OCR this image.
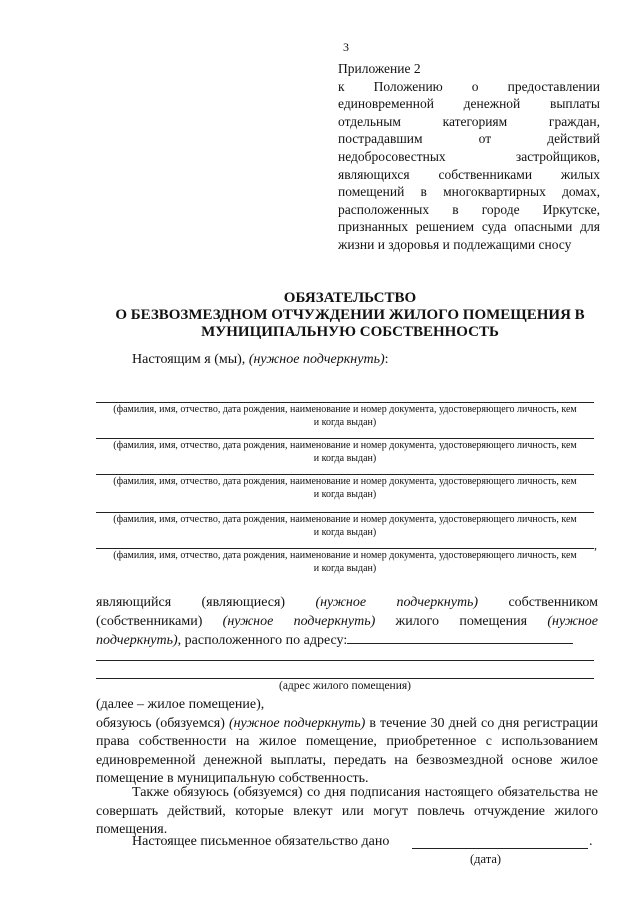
3
Приложение 2
к Положению о предоставлении единовременной денежной выплаты отдельным категориям граждан, пострадавшим от действий недобросовестных застройщиков, являющихся собственниками жилых помещений в многоквартирных домах, расположенных в городе Иркутске, признанных решением суда опасными для жизни и здоровья и подлежащими сносу
ОБЯЗАТЕЛЬСТВО
О БЕЗВОЗМЕЗДНОМ ОТЧУЖДЕНИИ ЖИЛОГО ПОМЕЩЕНИЯ В
МУНИЦИПАЛЬНУЮ СОБСТВЕННОСТЬ
Настоящим я (мы), (нужное подчеркнуть):
(фамилия, имя, отчество, дата рождения, наименование и номер документа, удостоверяющего личность, кем
и когда выдан)
(фамилия, имя, отчество, дата рождения, наименование и номер документа, удостоверяющего личность, кем
и когда выдан)
(фамилия, имя, отчество, дата рождения, наименование и номер документа, удостоверяющего личность, кем
и когда выдан)
(фамилия, имя, отчество, дата рождения, наименование и номер документа, удостоверяющего личность, кем
и когда выдан)
,
(фамилия, имя, отчество, дата рождения, наименование и номер документа, удостоверяющего личность, кем
и когда выдан)
являющийся (являющиеся) (нужное подчеркнуть) собственником (собственниками) (нужное подчеркнуть) жилого помещения (нужное подчеркнуть), расположенного по адресу:
(адрес жилого помещения)
(далее – жилое помещение),
обязуюсь (обязуемся) (нужное подчеркнуть) в течение 30 дней со дня регистрации права собственности на жилое помещение, приобретенное с использованием единовременной денежной выплаты, передать на безвозмездной основе жилое помещение в муниципальную собственность.
Также обязуюсь (обязуемся) со дня подписания настоящего обязательства не совершать действий, которые влекут или могут повлечь отчуждение жилого помещения.
Настоящее письменное обязательство дано	.
(дата)
